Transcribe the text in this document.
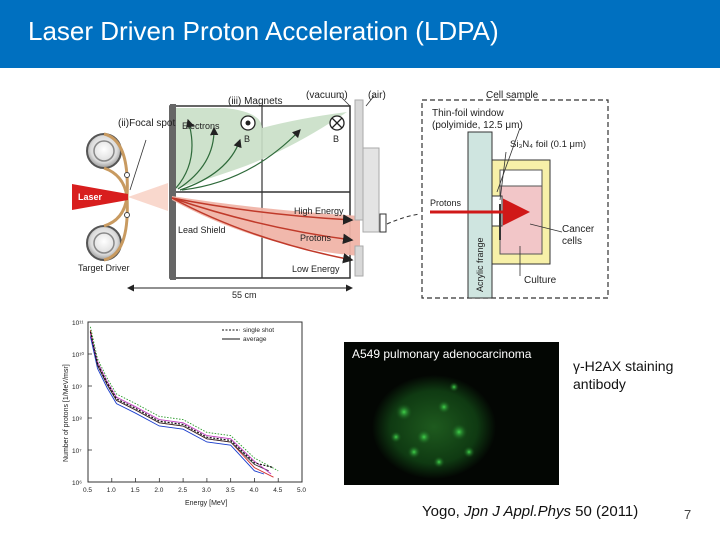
Laser Driven Proton Acceleration (LDPA)
(iii) Magnets
(vacuum) (air)
Electrons
B	B
(ii)Focal spot
Laser
Lead Shield
Target Driver
High Energy
Protons
Low Energy
55 cm
Cell sample
Thin-foil window
(polyimide, 12.5 μm)
Si₃N₄ foil (0.1 μm)
Protons
Acrylic frange
Cancer
cells
Culture
0.5 1.0 1.5 2.0 2.5 3.0 3.5 4.0 4.5 5.0
10⁶
10⁷
10⁸
10⁹
10¹⁰
10¹¹
single shot
average
Energy [MeV]
Number of protons [1/MeV/msr]
A549 pulmonary adenocarcinoma
γ-H2AX staining antibody
Yogo, Jpn J Appl.Phys 50 (2011)	7
